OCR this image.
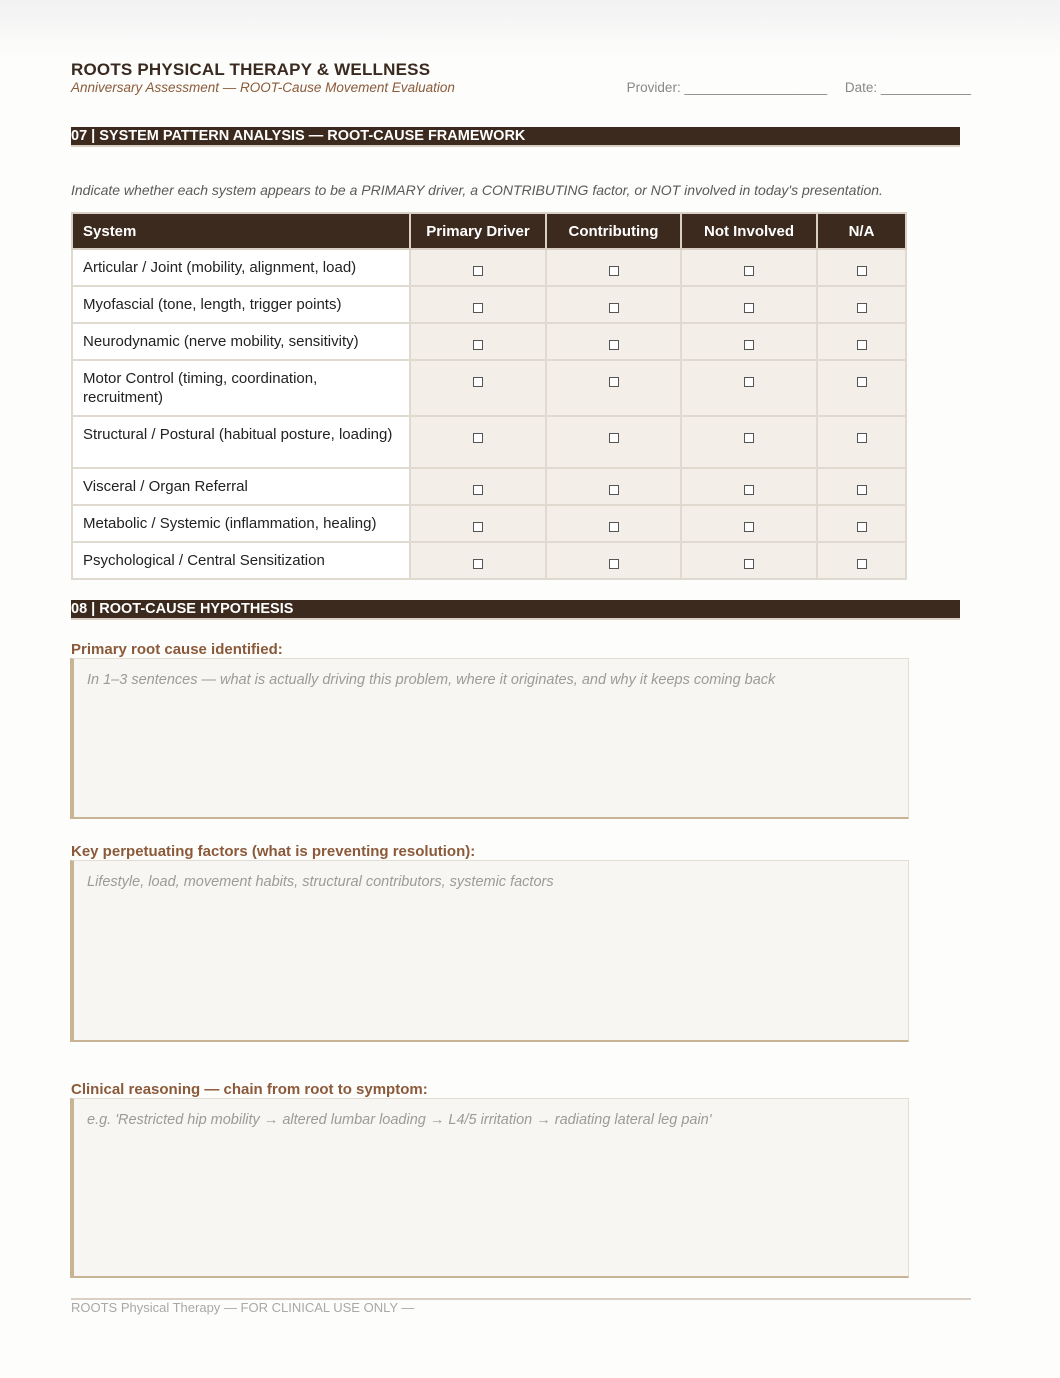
ROOTS PHYSICAL THERAPY & WELLNESS
Anniversary Assessment — ROOT-Cause Movement Evaluation	Provider: ___________________ Date: ____________
07 | SYSTEM PATTERN ANALYSIS — ROOT-CAUSE FRAMEWORK
Indicate whether each system appears to be a PRIMARY driver, a CONTRIBUTING factor, or NOT involved in today's presentation.
System	Primary Driver	Contributing	Not Involved	N/A
Articular / Joint (mobility, alignment, load)				
Myofascial (tone, length, trigger points)				
Neurodynamic (nerve mobility, sensitivity)				
Motor Control (timing, coordination, recruitment)				
Structural / Postural (habitual posture, loading)				
Visceral / Organ Referral				
Metabolic / Systemic (inflammation, healing)				
Psychological / Central Sensitization				
08 | ROOT-CAUSE HYPOTHESIS
Primary root cause identified:
In 1–3 sentences — what is actually driving this problem, where it originates, and why it keeps coming back
Key perpetuating factors (what is preventing resolution):
Lifestyle, load, movement habits, structural contributors, systemic factors
Clinical reasoning — chain from root to symptom:
e.g. 'Restricted hip mobility → altered lumbar loading → L4/5 irritation → radiating lateral leg pain'
ROOTS Physical Therapy — FOR CLINICAL USE ONLY —
